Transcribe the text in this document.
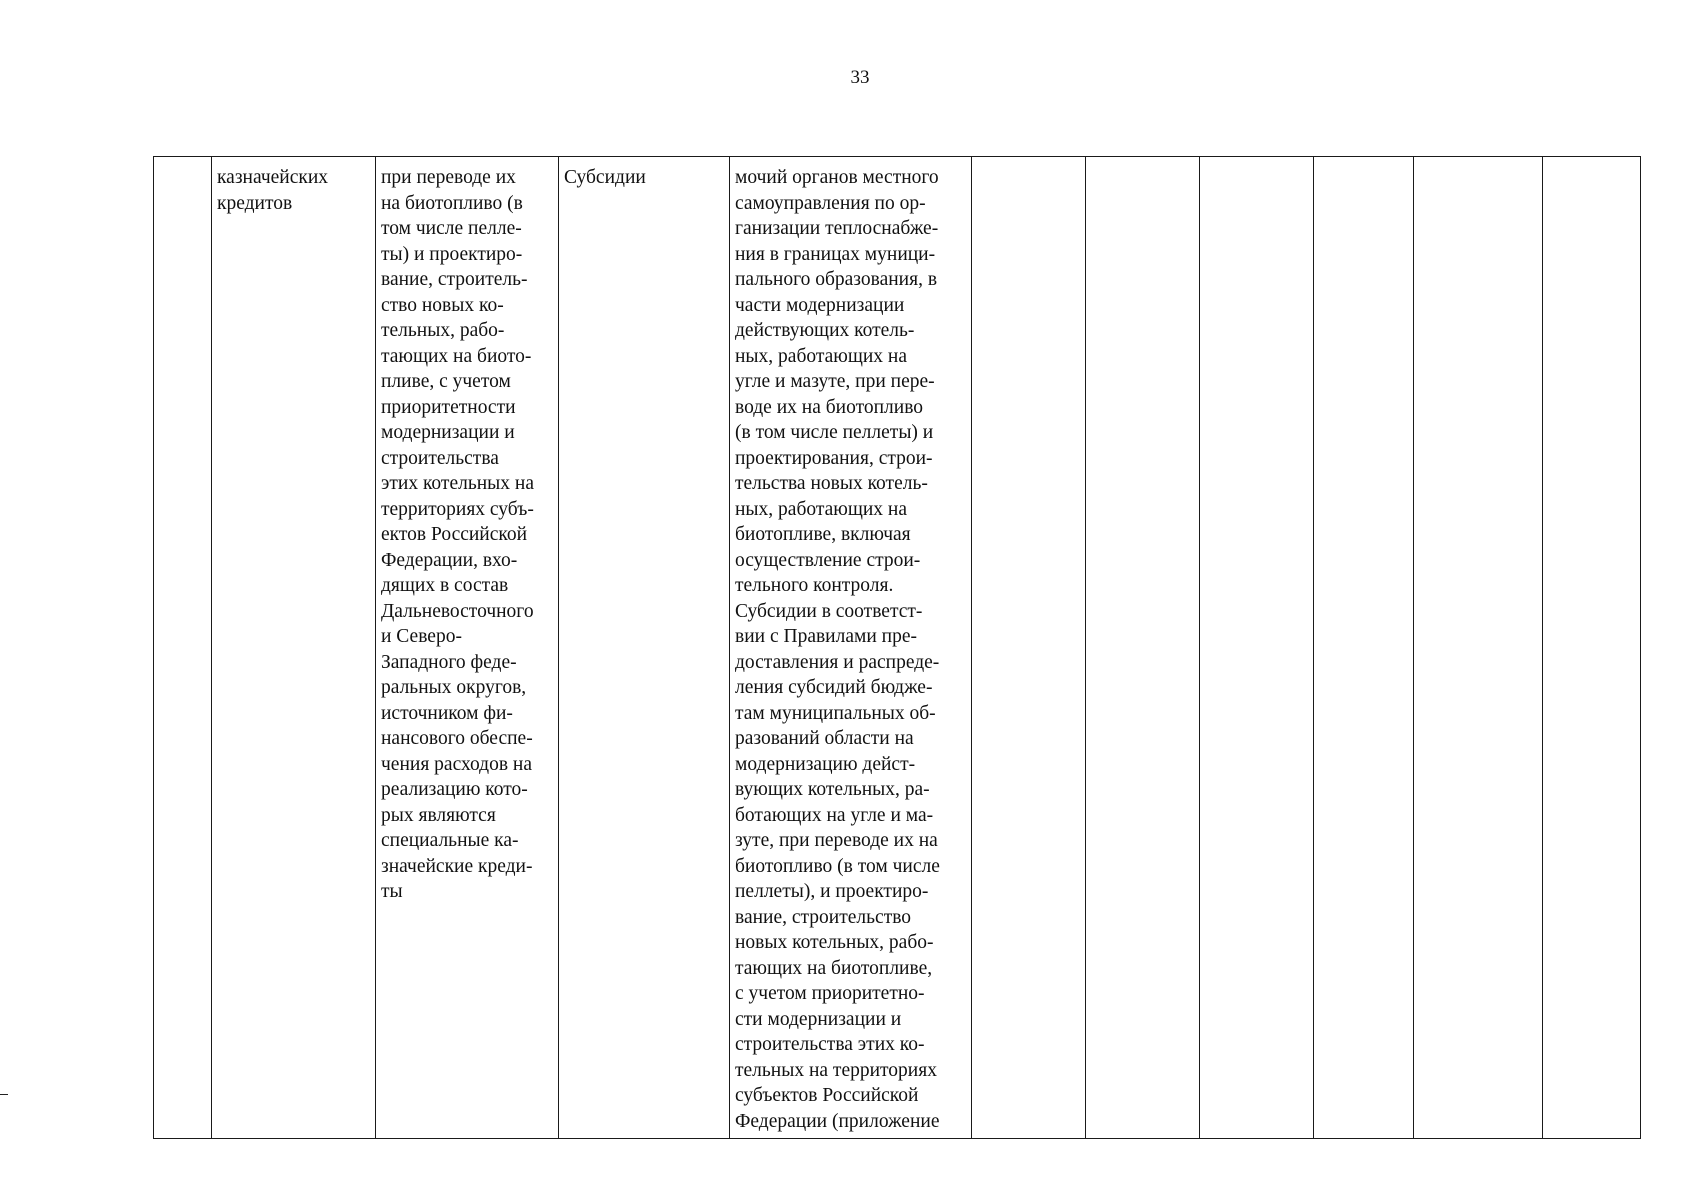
33
	казначейских
кредитов	при переводе их
на биотопливо (в
том числе пелле-
ты) и проектиро-
вание, строитель-
ство новых ко-
тельных, рабо-
тающих на биото-
пливе, с учетом
приоритетности
модернизации и
строительства
этих котельных на
территориях субъ-
ектов Российской
Федерации, вхо-
дящих в состав
Дальневосточного
и Северо-
Западного феде-
ральных округов,
источником фи-
нансового обеспе-
чения расходов на
реализацию кото-
рых являются
специальные ка-
значейские креди-
ты	Субсидии	мочий органов местного
самоуправления по ор-
ганизации теплоснабже-
ния в границах муници-
пального образования, в
части модернизации
действующих котель-
ных, работающих на
угле и мазуте, при пере-
воде их на биотопливо
(в том числе пеллеты) и
проектирования, строи-
тельства новых котель-
ных, работающих на
биотопливе, включая
осуществление строи-
тельного контроля.
Субсидии в соответст-
вии с Правилами пре-
доставления и распреде-
ления субсидий бюдже-
там муниципальных об-
разований области на
модернизацию дейст-
вующих котельных, ра-
ботающих на угле и ма-
зуте, при переводе их на
биотопливо (в том числе
пеллеты), и проектиро-
вание, строительство
новых котельных, рабо-
тающих на биотопливе,
с учетом приоритетно-
сти модернизации и
строительства этих ко-
тельных на территориях
субъектов Российской
Федерации (приложение						
